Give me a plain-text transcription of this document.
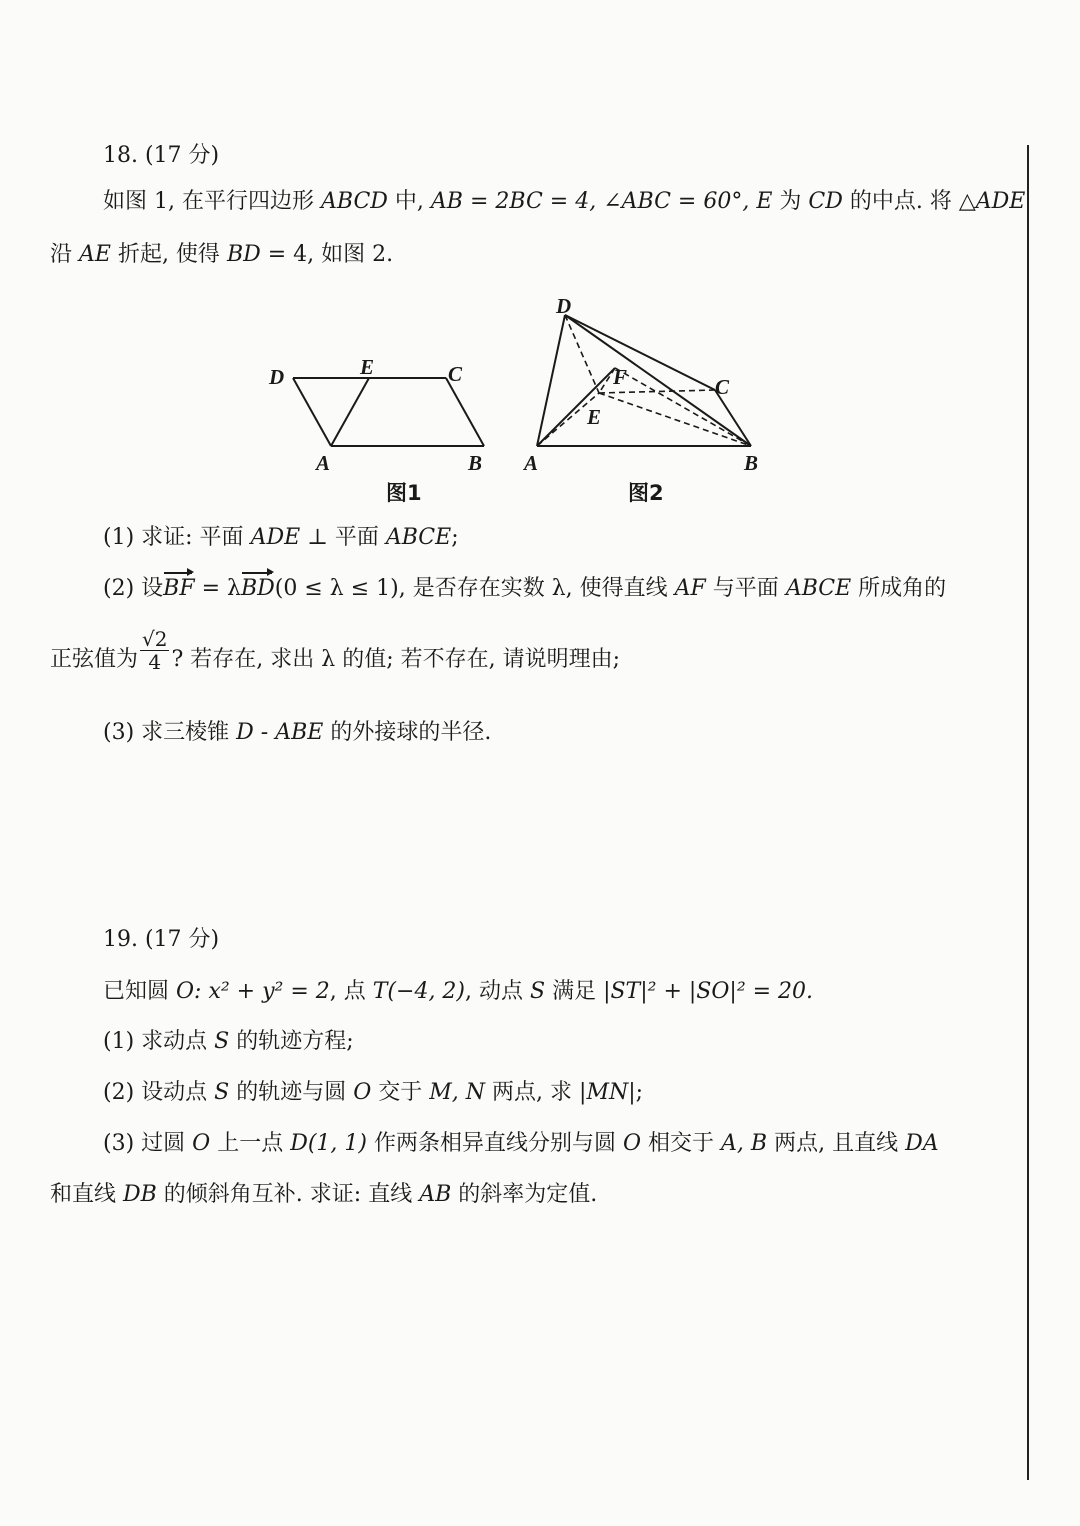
18. (17 分)
如图 1, 在平行四边形 ABCD 中, AB = 2BC = 4, ∠ABC = 60°, E 为 CD 的中点. 将 △ADE
沿 AE 折起, 使得 BD = 4, 如图 2.
D	E	C
A	B
图1
D
F	C
E
A	B
图2
(1) 求证: 平面 ADE ⊥ 平面 ABCE;
(2) 设BF = λBD(0 ≤ λ ≤ 1), 是否存在实数 λ, 使得直线 AF 与平面 ABCE 所成角的
正弦值为 $\frac{√2}{4}$ ? 若存在, 求出 λ 的值; 若不存在, 请说明理由;
(3) 求三棱锥 D - ABE 的外接球的半径.
19. (17 分)
已知圆 O: x² + y² = 2, 点 T(−4, 2), 动点 S 满足 |ST|² + |SO|² = 20.
(1) 求动点 S 的轨迹方程;
(2) 设动点 S 的轨迹与圆 O 交于 M, N 两点, 求 |MN|;
(3) 过圆 O 上一点 D(1, 1) 作两条相异直线分别与圆 O 相交于 A, B 两点, 且直线 DA
和直线 DB 的倾斜角互补. 求证: 直线 AB 的斜率为定值.
